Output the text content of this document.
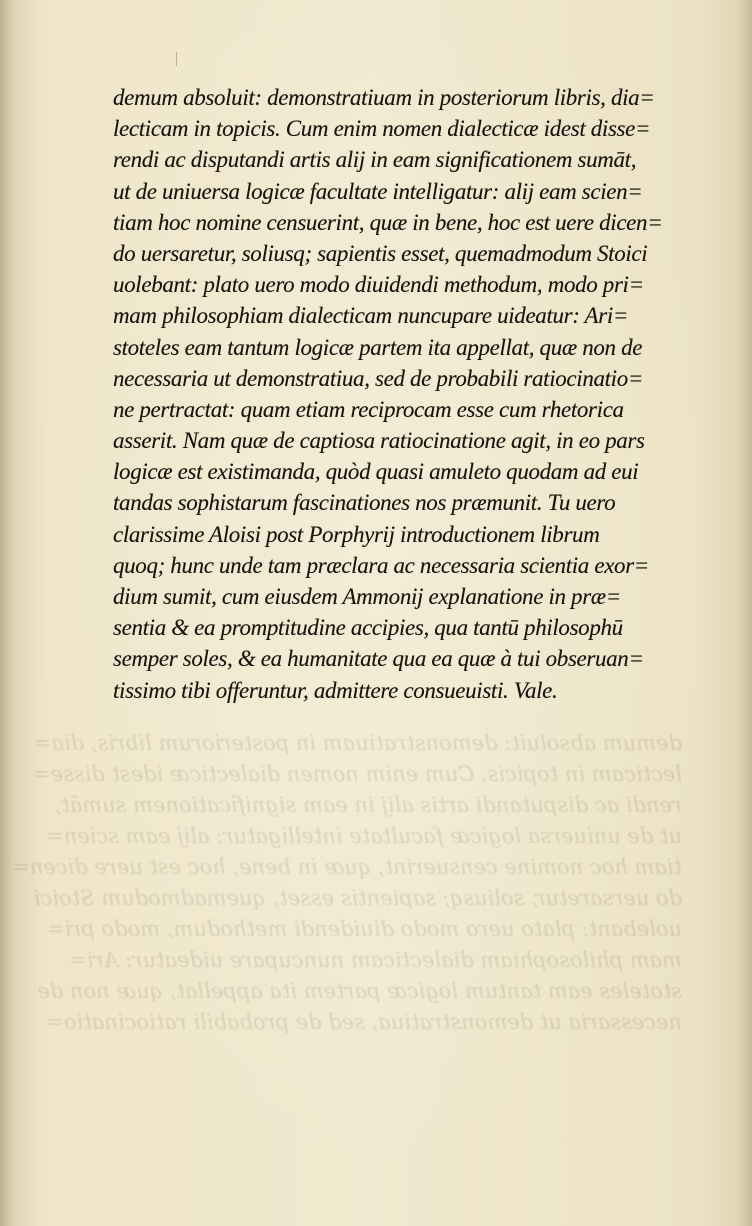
demum absoluit: demonstratiuam in posteriorum libris, dia=
lecticam in topicis. Cum enim nomen dialecticæ idest disse=
rendi ac disputandi artis alij in eam significationem sumāt,
ut de uniuersa logicæ facultate intelligatur: alij eam scien=
tiam hoc nomine censuerint, quæ in bene, hoc est uere dicen=
do uersaretur, soliusq; sapientis esset, quemadmodum Stoici
uolebant: plato uero modo diuidendi methodum, modo pri=
mam philosophiam dialecticam nuncupare uideatur: Ari=
stoteles eam tantum logicæ partem ita appellat, quæ non de
necessaria ut demonstratiua, sed de probabili ratiocinatio=
demum absoluit: demonstratiuam in posteriorum libris, dia=
lecticam in topicis. Cum enim nomen dialecticæ idest disse=
rendi ac disputandi artis alij in eam significationem sumāt,
ut de uniuersa logicæ facultate intelligatur: alij eam scien=
tiam hoc nomine censuerint, quæ in bene, hoc est uere dicen=
do uersaretur, soliusq; sapientis esset, quemadmodum Stoici
uolebant: plato uero modo diuidendi methodum, modo pri=
mam philosophiam dialecticam nuncupare uideatur: Ari=
stoteles eam tantum logicæ partem ita appellat, quæ non de
necessaria ut demonstratiua, sed de probabili ratiocinatio=
ne pertractat: quam etiam reciprocam esse cum rhetorica
asserit. Nam quæ de captiosa ratiocinatione agit, in eo pars
logicæ est existimanda, quòd quasi amuleto quodam ad eui
tandas sophistarum fascinationes nos præmunit. Tu uero
clarissime Aloisi post Porphyrij introductionem librum
quoq; hunc unde tam præclara ac necessaria scientia exor=
dium sumit, cum eiusdem Ammonij explanatione in præ=
sentia & ea promptitudine accipies, qua tantū philosophū
semper soles, & ea humanitate qua ea quæ à tui obseruan=
tissimo tibi offeruntur, admittere consueuisti. Vale.
